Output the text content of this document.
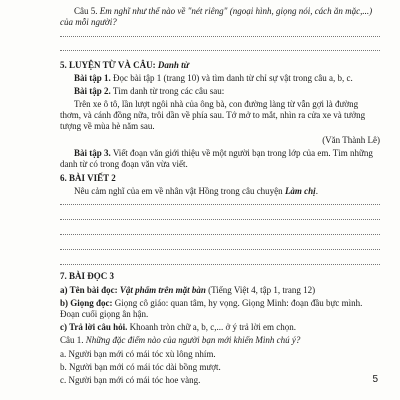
Câu 5. Em nghĩ như thế nào về "nét riêng" (ngoại hình, giọng nói, cách ăn mặc,...) của mỗi người?
5. LUYỆN TỪ VÀ CÂU: Danh từ
Bài tập 1. Đọc bài tập 1 (trang 10) và tìm danh từ chỉ sự vật trong câu a, b, c.
Bài tập 2. Tìm danh từ trong các câu sau:
Trên xe ô tô, lần lượt ngôi nhà của ông bà, con đường làng từ vẫn gợi là đường thơm, và cánh đồng nữa, trôi dần về phía sau. Tớ mở to mắt, nhìn ra cửa xe và tưởng tượng về mùa hè năm sau.
(Văn Thành Lê)
Bài tập 3. Viết đoạn văn giới thiệu về một người bạn trong lớp của em. Tìm những danh từ có trong đoạn văn vừa viết.
6. BÀI VIẾT 2
Nêu cảm nghĩ của em về nhân vật Hồng trong câu chuyện Làm chị.
7. BÀI ĐỌC 3
a) Tên bài đọc: Vật phẩm trên mặt bàn (Tiếng Việt 4, tập 1, trang 12)
b) Giọng đọc: Giọng cô giáo: quan tâm, hy vọng. Giọng Minh: đoạn đầu bực mình. Đoạn cuối giọng ân hận.
c) Trả lời câu hỏi. Khoanh tròn chữ a, b, c,... ở ý trả lời em chọn.
Câu 1. Những đặc điểm nào của người bạn mới khiến Minh chú ý?
a. Người bạn mới có mái tóc xù lông nhím.
b. Người bạn mới có mái tóc dài bồng mượt.
c. Người bạn mới có mái tóc hoe vàng.	5
